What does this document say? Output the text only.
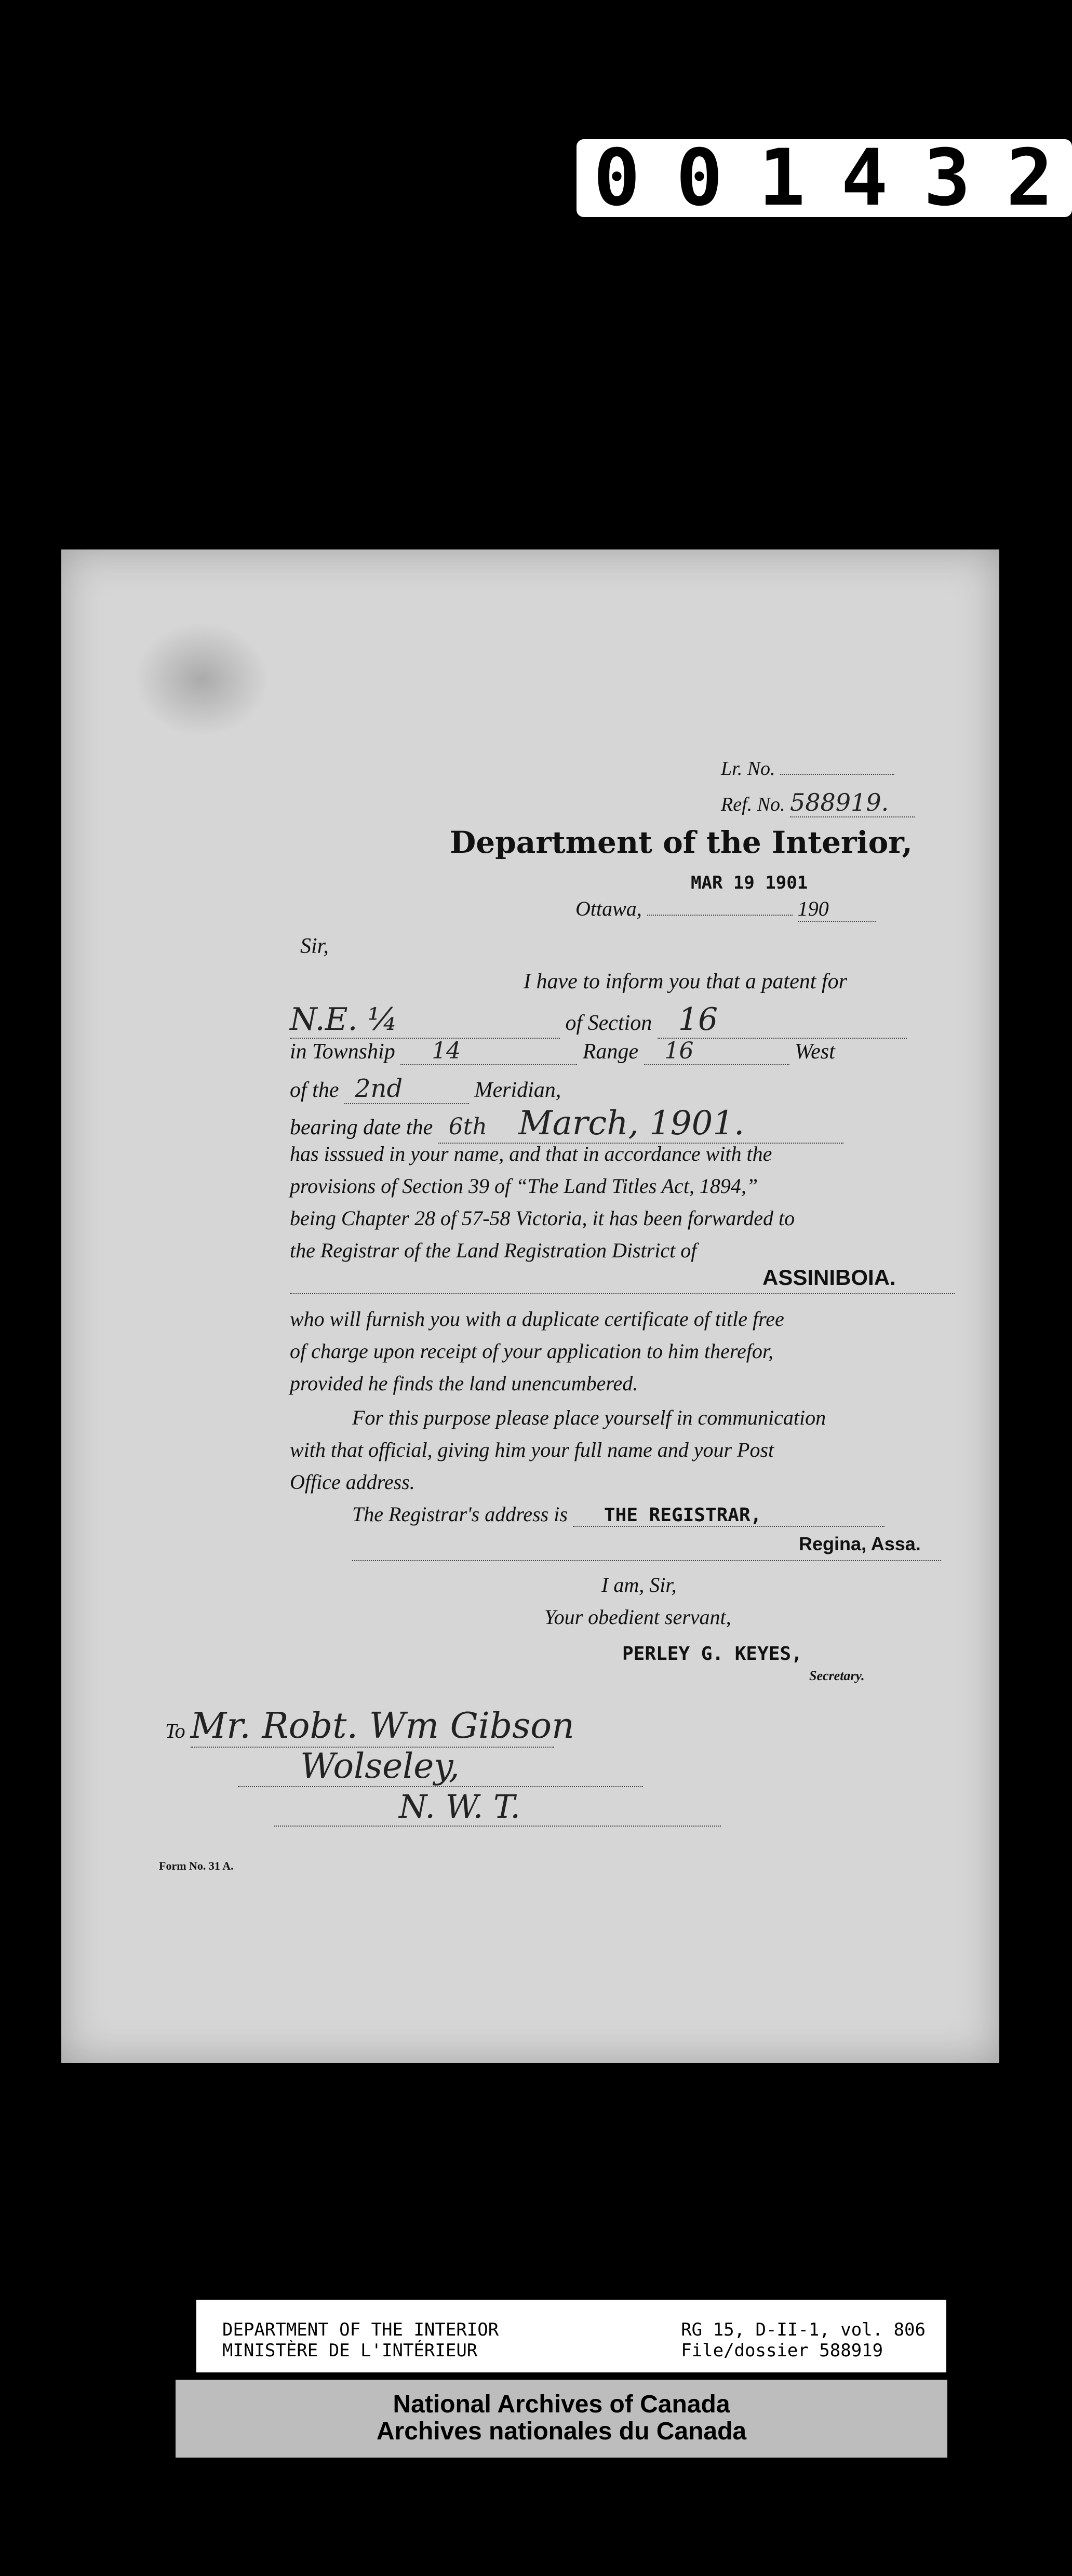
0 0 1 4 3 2
Lr. No.
Ref. No. 588919.
Department of the Interior,
MAR 19 1901
Ottawa,	190
Sir,
I have to inform you that a patent for
N.E. ¼	of Section 16
in Township 14	Range 16	West
of the 2nd	Meridian,
bearing date the 6th March, 1901.
has isssued in your name, and that in accordance with the
provisions of Section 39 of “The Land Titles Act, 1894,”
being Chapter 28 of 57-58 Victoria, it has been forwarded to
the Registrar of the Land Registration District of
ASSINIBOIA.
who will furnish you with a duplicate certificate of title free
of charge upon receipt of your application to him therefor,
provided he finds the land unencumbered.
For this purpose please place yourself in communication
with that official, giving him your full name and your Post
Office address.
The Registrar's address is THE REGISTRAR,
Regina, Assa.
I am, Sir,
Your obedient servant,
PERLEY G. KEYES,
Secretary.
To Mr. Robt. Wm Gibson
Wolseley,
N. W. T.
Form No. 31 A.
DEPARTMENT OF THE INTERIOR
MINISTÈRE DE L'INTÉRIEUR
RG 15, D-II-1, vol. 806
File/dossier 588919
National Archives of Canada
Archives nationales du Canada
